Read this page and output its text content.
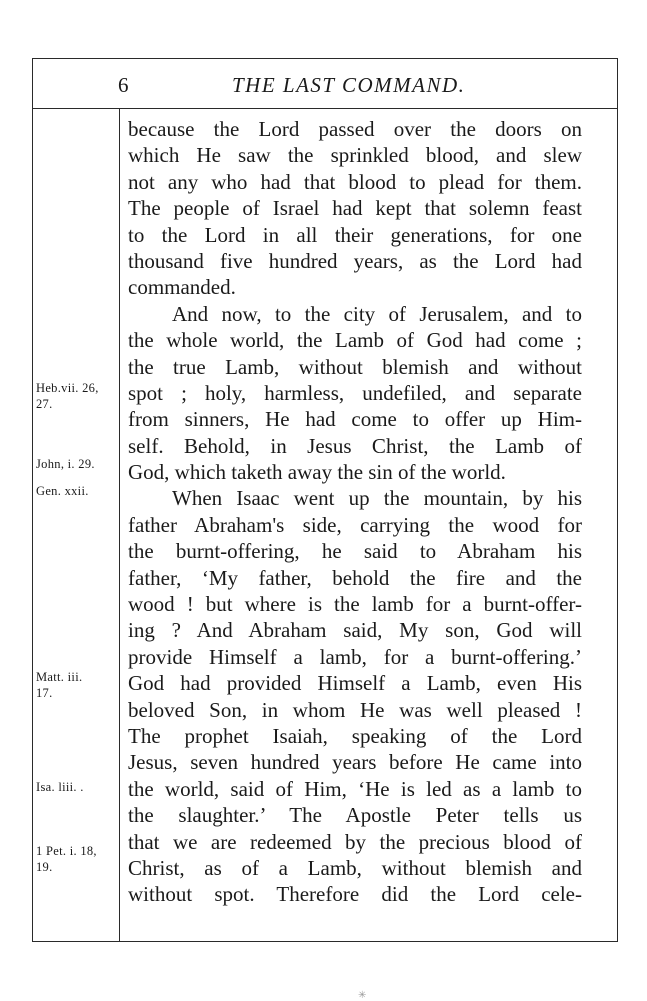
6	THE LAST COMMAND.
Heb.vii. 26,
27.
John, i. 29.
Gen. xxii.
Matt. iii.
17.
Isa. liii. .
1 Pet. i. 18,
19.
because the Lord passed over the doors on
which He saw the sprinkled blood, and slew
not any who had that blood to plead for them.
The people of Israel had kept that solemn feast
to the Lord in all their generations, for one
thousand five hundred years, as the Lord had
commanded.
And now, to the city of Jerusalem, and to
the whole world, the Lamb of God had come ;
the true Lamb, without blemish and without
spot ; holy, harmless, undefiled, and separate
from sinners, He had come to offer up Him-
self. Behold, in Jesus Christ, the Lamb of
God, which taketh away the sin of the world.
When Isaac went up the mountain, by his
father Abraham's side, carrying the wood for
the burnt-offering, he said to Abraham his
father, ‘My father, behold the fire and the
wood ! but where is the lamb for a burnt-offer-
ing ? And Abraham said, My son, God will
provide Himself a lamb, for a burnt-offering.’
God had provided Himself a Lamb, even His
beloved Son, in whom He was well pleased !
The prophet Isaiah, speaking of the Lord
Jesus, seven hundred years before He came into
the world, said of Him, ‘He is led as a lamb to
the slaughter.’ The Apostle Peter tells us
that we are redeemed by the precious blood of
Christ, as of a Lamb, without blemish and
without spot. Therefore did the Lord cele-
✳
